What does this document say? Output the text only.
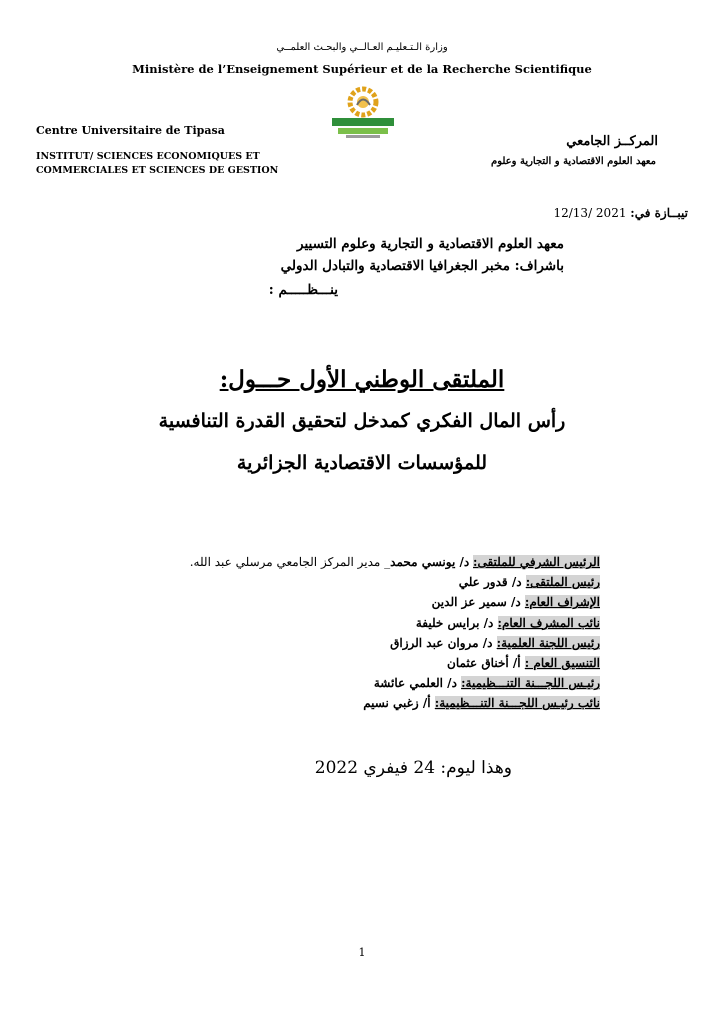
وزارة الـتـعليـم العـالــي والبحـث العلمــي
Ministère de l’Enseignement Supérieur et de la Recherche Scientifique
Centre Universitaire de Tipasa
INSTITUT/ SCIENCES ECONOMIQUES ET
COMMERCIALES ET SCIENCES DE GESTION
المركــز الجامعي
معهد العلوم الاقتصادية و التجارية وعلوم
تيبــازة في: 2021 /12/13
معهد العلوم الاقتصادية و التجارية وعلوم التسيير
باشراف: مخبر الجغرافيا الاقتصادية والتبادل الدولي
ينـــظـــــم :
الملتقى الوطني الأول حـــول:
رأس المال الفكري كمدخل لتحقيق القدرة التنافسية
للمؤسسات الاقتصادية الجزائرية
الرئيس الشرفي للملتقى: د/ يونسي محمد_ مدير المركز الجامعي مرسلي عبد الله.
رئيس الملتقى: د/ قدور علي
الإشراف العام: د/ سمير عز الدين
نائب المشرف العام: د/ برايس خليفة
رئيس اللجنة العلمية: د/ مروان عبد الرزاق
التنسيق العام : أ/ أخناق عثمان
رئيـس اللجـــنة التنـــظيمية: د/ العلمي عائشة
نائب رئيـس اللجـــنة التنـــظيمية: أ/ زغبي نسيم
وهذا ليوم: 24 فيفري 2022
1
